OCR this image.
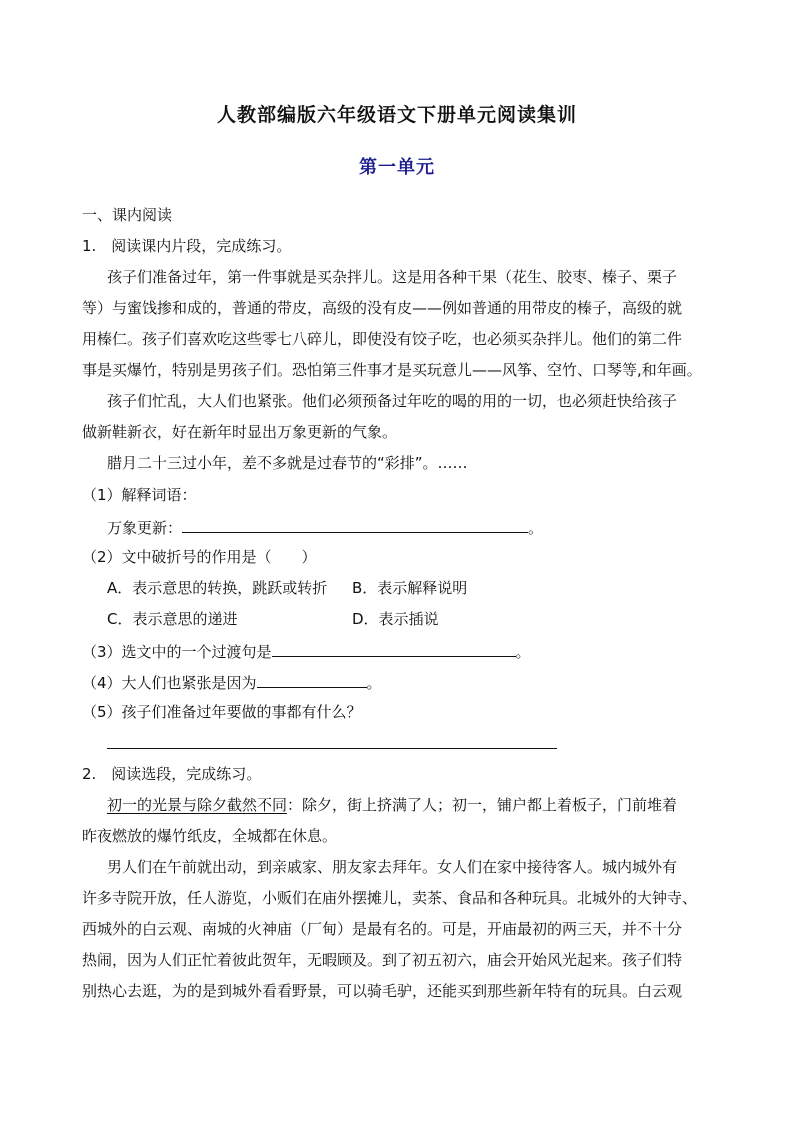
人教部编版六年级语文下册单元阅读集训
第一单元
一、课内阅读
1.　阅读课内片段，完成练习。
孩子们准备过年，第一件事就是买杂拌儿。这是用各种干果（花生、胶枣、榛子、栗子
等）与蜜饯掺和成的，普通的带皮，高级的没有皮——例如普通的用带皮的榛子，高级的就
用榛仁。孩子们喜欢吃这些零七八碎儿，即使没有饺子吃，也必须买杂拌儿。他们的第二件
事是买爆竹，特别是男孩子们。恐怕第三件事才是买玩意儿——风筝、空竹、口琴等,和年画。
孩子们忙乱，大人们也紧张。他们必须预备过年吃的喝的用的一切，也必须赶快给孩子
做新鞋新衣，好在新年时显出万象更新的气象。
腊月二十三过小年，差不多就是过春节的“彩排”。……
（1）解释词语：
万象更新：	。
（2）文中破折号的作用是（　　）
A．表示意思的转换，跳跃或转折 B．表示解释说明
C．表示意思的递进	D．表示插说
（3）选文中的一个过渡句是	。
（4）大人们也紧张是因为	。
（5）孩子们准备过年要做的事都有什么？
2.　阅读选段，完成练习。
初一的光景与除夕截然不同：除夕，街上挤满了人；初一，铺户都上着板子，门前堆着
昨夜燃放的爆竹纸皮，全城都在休息。
男人们在午前就出动，到亲戚家、朋友家去拜年。女人们在家中接待客人。城内城外有
许多寺院开放，任人游览，小贩们在庙外摆摊儿，卖茶、食品和各种玩具。北城外的大钟寺、
西城外的白云观、南城的火神庙（厂甸）是最有名的。可是，开庙最初的两三天，并不十分
热闹，因为人们正忙着彼此贺年，无暇顾及。到了初五初六，庙会开始风光起来。孩子们特
别热心去逛，为的是到城外看看野景，可以骑毛驴，还能买到那些新年特有的玩具。白云观
